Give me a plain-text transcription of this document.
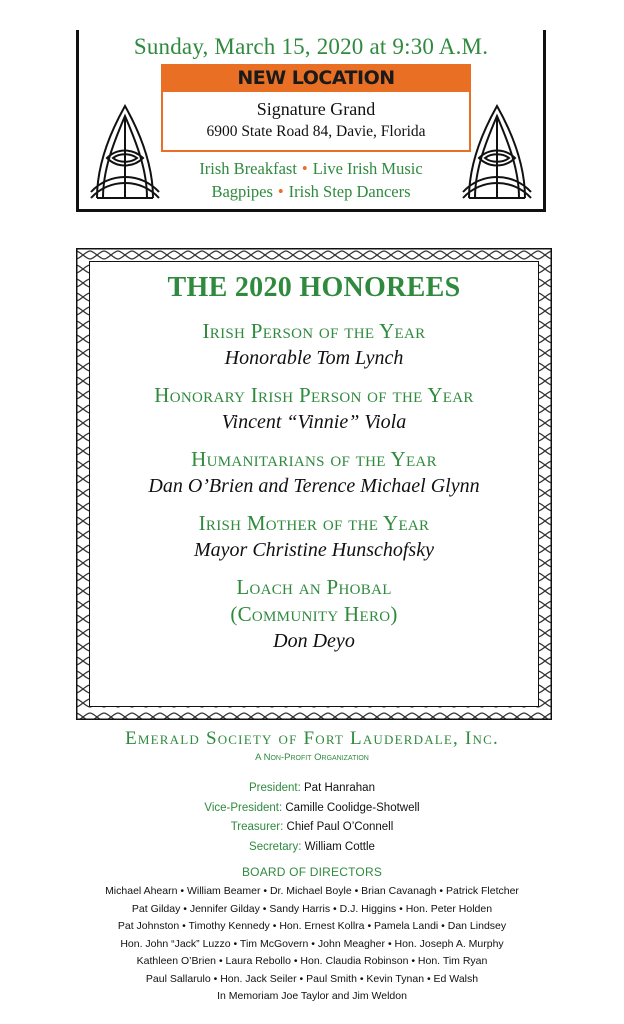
Sunday, March 15, 2020 at 9:30 A.M.
NEW LOCATION
Signature Grand
6900 State Road 84, Davie, Florida
Irish Breakfast • Live Irish Music
Bagpipes • Irish Step Dancers
THE 2020 HONOREES
Irish Person of the Year
Honorable Tom Lynch
Honorary Irish Person of the Year
Vincent “Vinnie” Viola
Humanitarians of the Year
Dan O’Brien and Terence Michael Glynn
Irish Mother of the Year
Mayor Christine Hunschofsky
Loach an Phobal
(Community Hero)
Don Deyo
Emerald Society of Fort Lauderdale, Inc.
A Non-Profit Organization
President: Pat Hanrahan
Vice-President: Camille Coolidge-Shotwell
Treasurer: Chief Paul O’Connell
Secretary: William Cottle
BOARD OF DIRECTORS
Michael Ahearn • William Beamer • Dr. Michael Boyle • Brian Cavanagh • Patrick Fletcher
Pat Gilday • Jennifer Gilday • Sandy Harris • D.J. Higgins • Hon. Peter Holden
Pat Johnston • Timothy Kennedy • Hon. Ernest Kollra • Pamela Landi • Dan Lindsey
Hon. John “Jack” Luzzo • Tim McGovern • John Meagher • Hon. Joseph A. Murphy
Kathleen O’Brien • Laura Rebollo • Hon. Claudia Robinson • Hon. Tim Ryan
Paul Sallarulo • Hon. Jack Seiler • Paul Smith • Kevin Tynan • Ed Walsh
In Memoriam Joe Taylor and Jim Weldon
